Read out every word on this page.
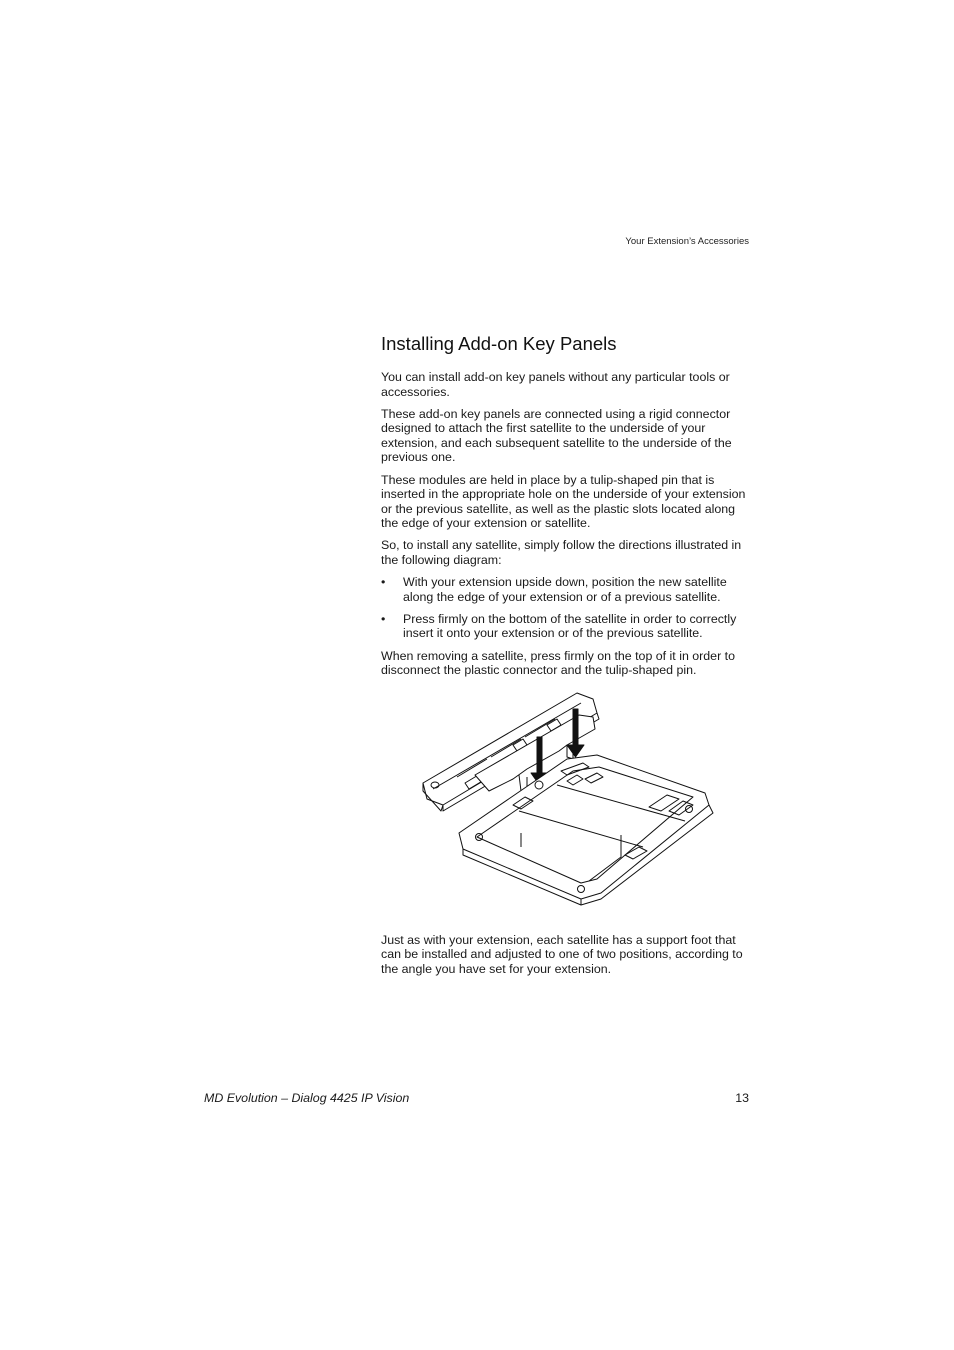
Your Extension’s Accessories
Installing Add-on Key Panels

You can install add-on key panels without any particular tools or accessories.

These add-on key panels are connected using a rigid connector designed to attach the first satellite to the underside of your extension, and each subsequent satellite to the underside of the previous one.

These modules are held in place by a tulip-shaped pin that is inserted in the appropriate hole on the underside of your extension or the previous satellite, as well as the plastic slots located along the edge of your extension or satellite.

So, to install any satellite, simply follow the directions illustrated in the following diagram:

• With your extension upside down, position the new satellite along the edge of your extension or of a previous satellite.
• Press firmly on the bottom of the satellite in order to correctly insert it onto your extension or of the previous satellite.

When removing a satellite, press firmly on the top of it in order to disconnect the plastic connector and the tulip-shaped pin.

Just as with your extension, each satellite has a support foot that can be installed and adjusted to one of two positions, according to the angle you have set for your extension.

MD Evolution – Dialog 4425 IP Vision	13
